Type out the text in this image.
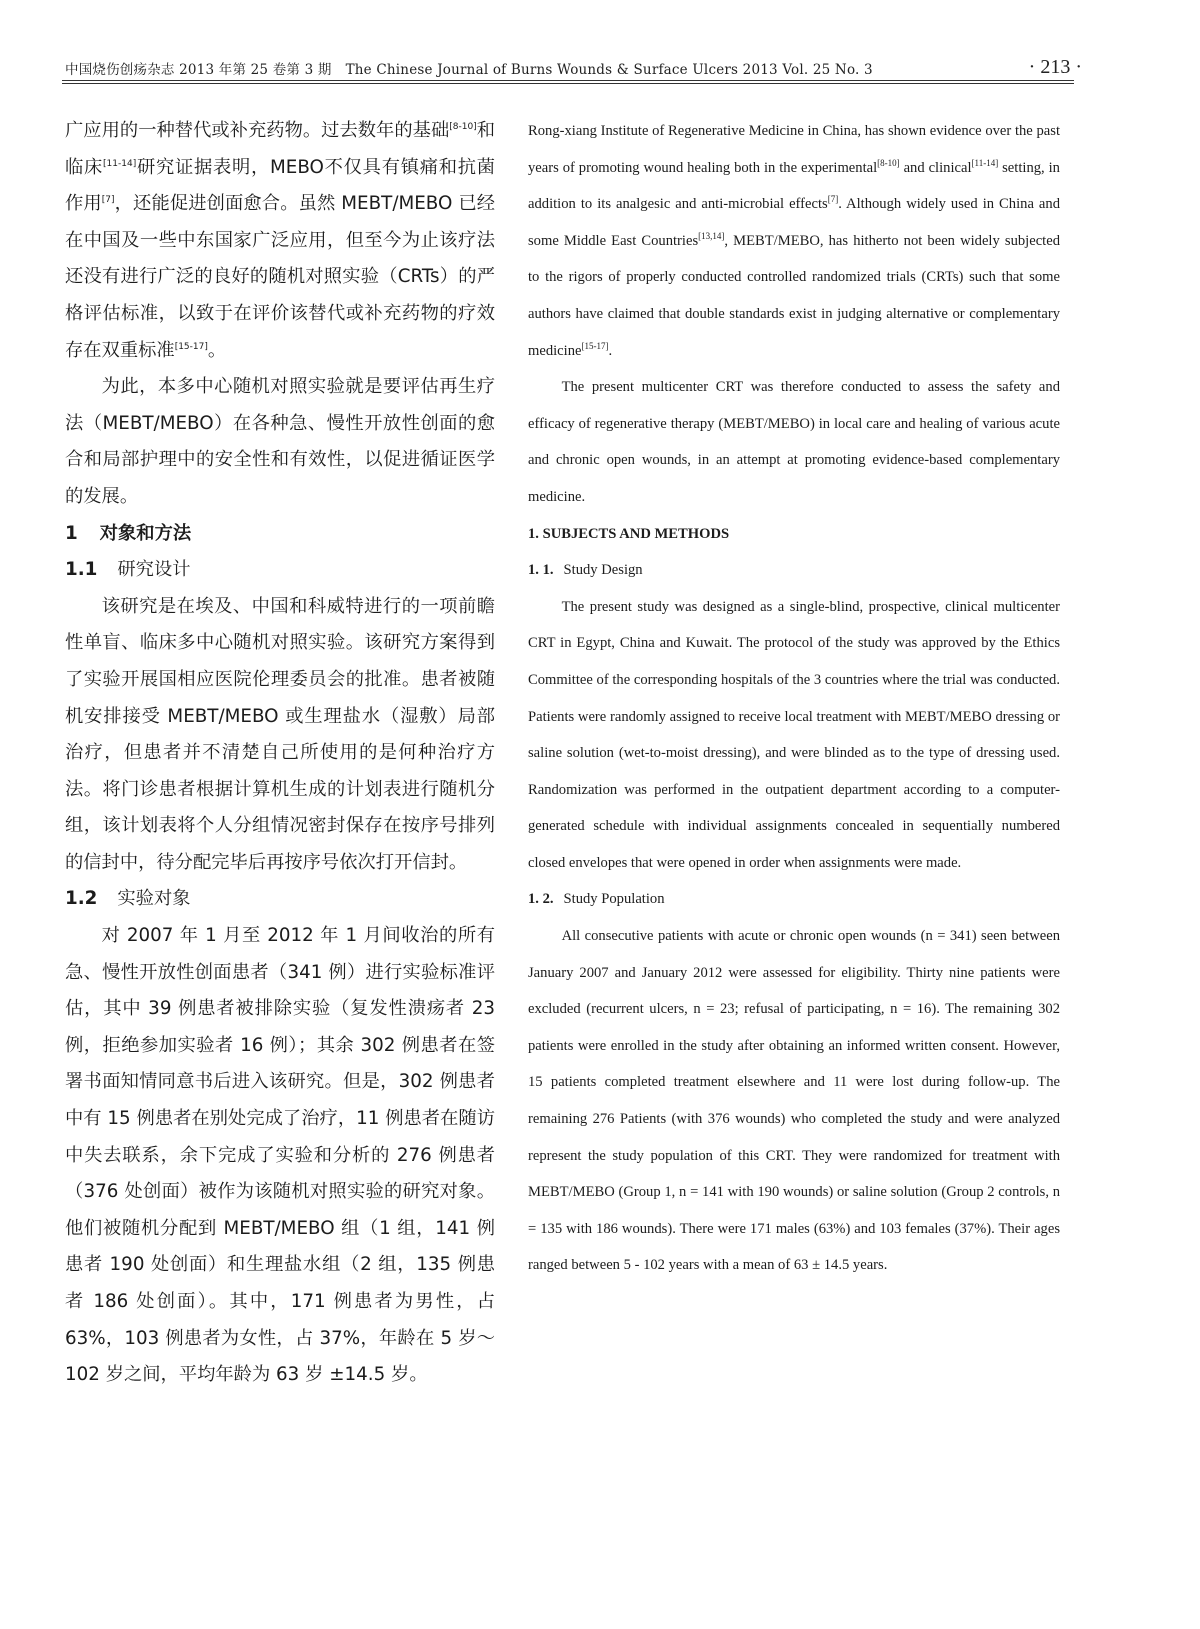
中国烧伤创疡杂志 2013 年第 25 卷第 3 期 The Chinese Journal of Burns Wounds & Surface Ulcers 2013 Vol. 25 No. 3	· 213 ·

广应用的一种替代或补充药物。过去数年的基础[8-10]和临床[11-14]研究证据表明，MEBO不仅具有镇痛和抗菌作用[7]，还能促进创面愈合。虽然 MEBT/MEBO 已经在中国及一些中东国家广泛应用，但至今为止该疗法还没有进行广泛的良好的随机对照实验（CRTs）的严格评估标准，以致于在评价该替代或补充药物的疗效存在双重标准[15-17]。

为此，本多中心随机对照实验就是要评估再生疗法（MEBT/MEBO）在各种急、慢性开放性创面的愈合和局部护理中的安全性和有效性，以促进循证医学的发展。

1 对象和方法

1.1 研究设计

该研究是在埃及、中国和科威特进行的一项前瞻性单盲、临床多中心随机对照实验。该研究方案得到了实验开展国相应医院伦理委员会的批准。患者被随机安排接受 MEBT/MEBO 或生理盐水（湿敷）局部治疗，但患者并不清楚自己所使用的是何种治疗方法。将门诊患者根据计算机生成的计划表进行随机分组，该计划表将个人分组情况密封保存在按序号排列的信封中，待分配完毕后再按序号依次打开信封。

1.2 实验对象

对 2007 年 1 月至 2012 年 1 月间收治的所有急、慢性开放性创面患者（341 例）进行实验标准评估，其中 39 例患者被排除实验（复发性溃疡者 23 例，拒绝参加实验者 16 例）；其余 302 例患者在签署书面知情同意书后进入该研究。但是，302 例患者中有 15 例患者在别处完成了治疗，11 例患者在随访中失去联系，余下完成了实验和分析的 276 例患者（376 处创面）被作为该随机对照实验的研究对象。他们被随机分配到 MEBT/MEBO 组（1 组，141 例患者 190 处创面）和生理盐水组（2 组，135 例患者 186 处创面）。其中，171 例患者为男性，占 63%，103 例患者为女性，占 37%，年龄在 5 岁～102 岁之间，平均年龄为 63 岁 ±14.5 岁。

Rong-xiang Institute of Regenerative Medicine in China, has shown evidence over the past years of promoting wound healing both in the experimental[8-10] and clinical[11-14] setting, in addition to its analgesic and anti-microbial effects[7]. Although widely used in China and some Middle East Countries[13,14], MEBT/MEBO, has hitherto not been widely subjected to the rigors of properly conducted controlled randomized trials (CRTs) such that some authors have claimed that double standards exist in judging alternative or complementary medicine[15-17].

The present multicenter CRT was therefore conducted to assess the safety and efficacy of regenerative therapy (MEBT/MEBO) in local care and healing of various acute and chronic open wounds, in an attempt at promoting evidence-based complementary medicine.

1. SUBJECTS AND METHODS

1. 1. Study Design

The present study was designed as a single-blind, prospective, clinical multicenter CRT in Egypt, China and Kuwait. The protocol of the study was approved by the Ethics Committee of the corresponding hospitals of the 3 countries where the trial was conducted. Patients were randomly assigned to receive local treatment with MEBT/MEBO dressing or saline solution (wet-to-moist dressing), and were blinded as to the type of dressing used. Randomization was performed in the outpatient department according to a computer-generated schedule with individual assignments concealed in sequentially numbered closed envelopes that were opened in order when assignments were made.

1. 2. Study Population

All consecutive patients with acute or chronic open wounds (n = 341) seen between January 2007 and January 2012 were assessed for eligibility. Thirty nine patients were excluded (recurrent ulcers, n = 23; refusal of participating, n = 16). The remaining 302 patients were enrolled in the study after obtaining an informed written consent. However, 15 patients completed treatment elsewhere and 11 were lost during follow-up. The remaining 276 Patients (with 376 wounds) who completed the study and were analyzed represent the study population of this CRT. They were randomized for treatment with MEBT/MEBO (Group 1, n = 141 with 190 wounds) or saline solution (Group 2 controls, n = 135 with 186 wounds). There were 171 males (63%) and 103 females (37%). Their ages ranged between 5 - 102 years with a mean of 63 ± 14.5 years.
